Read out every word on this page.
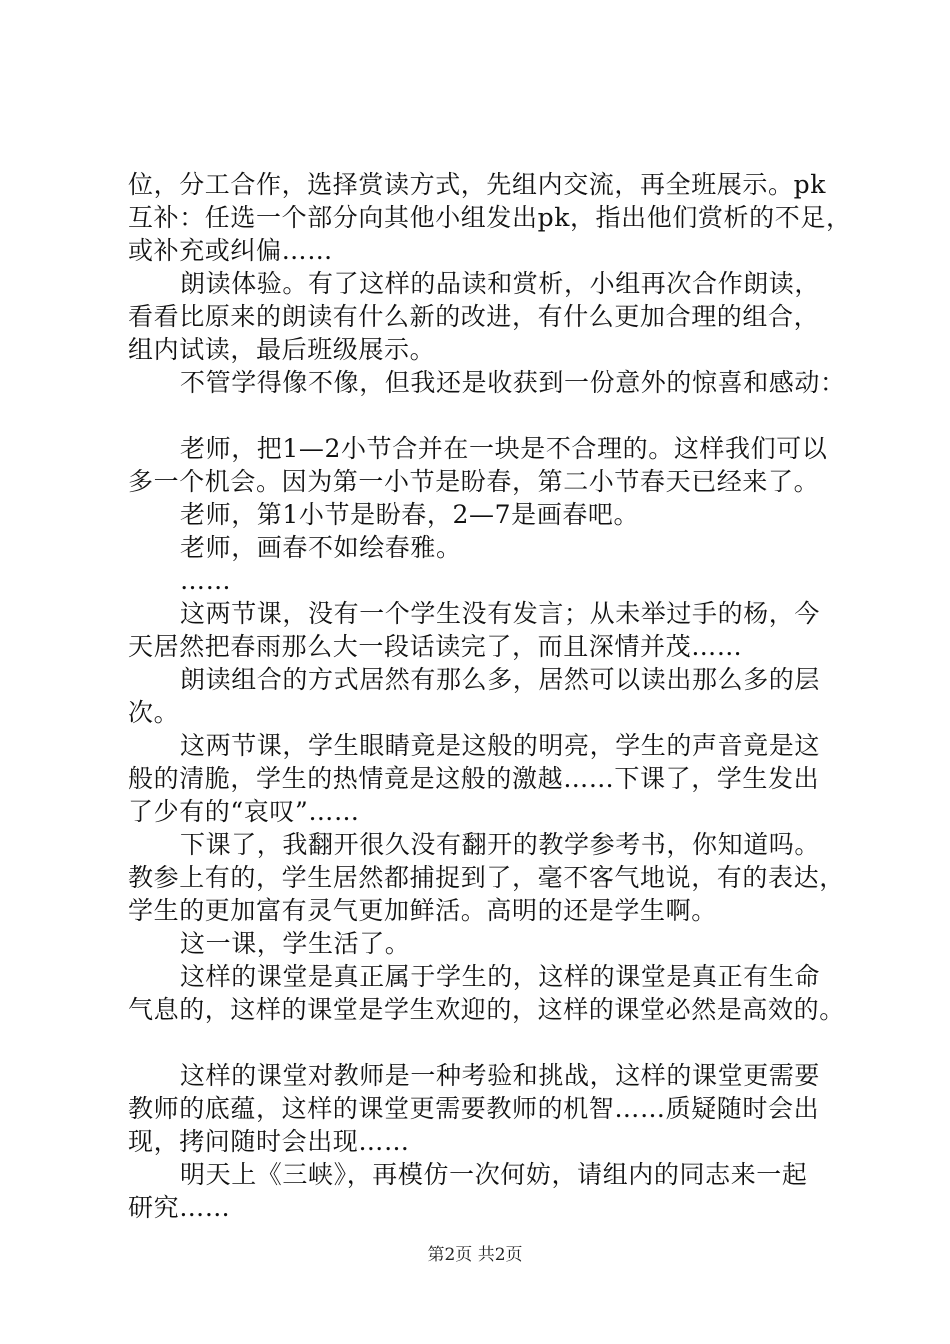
位，分工合作，选择赏读方式，先组内交流，再全班展示。pk
互补：任选一个部分向其他小组发出pk，指出他们赏析的不足，
或补充或纠偏……
朗读体验。有了这样的品读和赏析，小组再次合作朗读，
看看比原来的朗读有什么新的改进，有什么更加合理的组合，
组内试读，最后班级展示。
不管学得像不像，但我还是收获到一份意外的惊喜和感动：
老师，把1—2小节合并在一块是不合理的。这样我们可以
多一个机会。因为第一小节是盼春，第二小节春天已经来了。
老师，第1小节是盼春，2—7是画春吧。
老师，画春不如绘春雅。
……
这两节课，没有一个学生没有发言；从未举过手的杨，今
天居然把春雨那么大一段话读完了，而且深情并茂……
朗读组合的方式居然有那么多，居然可以读出那么多的层
次。
这两节课，学生眼睛竟是这般的明亮，学生的声音竟是这
般的清脆，学生的热情竟是这般的激越……下课了，学生发出
了少有的“哀叹”……
下课了，我翻开很久没有翻开的教学参考书，你知道吗。
教参上有的，学生居然都捕捉到了，毫不客气地说，有的表达，
学生的更加富有灵气更加鲜活。高明的还是学生啊。
这一课，学生活了。
这样的课堂是真正属于学生的，这样的课堂是真正有生命
气息的，这样的课堂是学生欢迎的，这样的课堂必然是高效的。
这样的课堂对教师是一种考验和挑战，这样的课堂更需要
教师的底蕴，这样的课堂更需要教师的机智……质疑随时会出
现，拷问随时会出现……
明天上《三峡》，再模仿一次何妨，请组内的同志来一起
研究……
第2页 共2页
